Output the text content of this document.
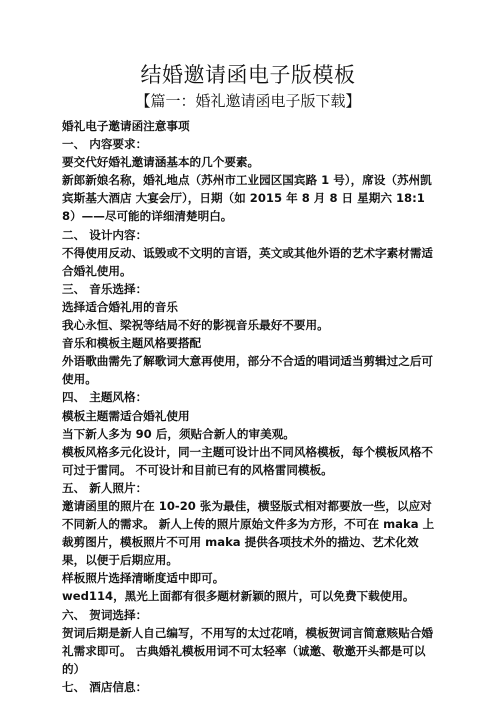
结婚邀请函电子版模板
【篇一：婚礼邀请函电子版下载】

婚礼电子邀请函注意事项

一、 内容要求：

要交代好婚礼邀请涵基本的几个要素。

新郎新娘名称，婚礼地点（苏州市工业园区国宾路 1 号），席设（苏州凯宾斯基大酒店 大宴会厅），日期（如 2015 年 8 月 8 日 星期六 18:18）——尽可能的详细清楚明白。

二、 设计内容：

不得使用反动、诋毁或不文明的言语，英文或其他外语的艺术字素材需适合婚礼使用。

三、 音乐选择：

选择适合婚礼用的音乐

我心永恒、梁祝等结局不好的影视音乐最好不要用。

音乐和模板主题风格要搭配

外语歌曲需先了解歌词大意再使用，部分不合适的唱词适当剪辑过之后可使用。

四、 主题风格：

模板主题需适合婚礼使用

当下新人多为 90 后，须贴合新人的审美观。

模板风格多元化设计，同一主题可设计出不同风格模板，每个模板风格不可过于雷同。 不可设计和目前已有的风格雷同模板。

五、 新人照片：

邀请函里的照片在 10-20 张为最佳，横竖版式相对都要放一些，以应对不同新人的需求。 新人上传的照片原始文件多为方形，不可在 maka 上裁剪图片，模板照片不可用 maka 提供各项技术外的描边、艺术化效果，以便于后期应用。

样板照片选择清晰度适中即可。

wed114，黑光上面都有很多题材新颖的照片，可以免费下载使用。

六、 贺词选择：

贺词后期是新人自己编写，不用写的太过花哨，模板贺词言简意赅贴合婚礼需求即可。 古典婚礼模板用词不可太轻率（诚邀、敬邀开头都是可以的）

七、 酒店信息：
